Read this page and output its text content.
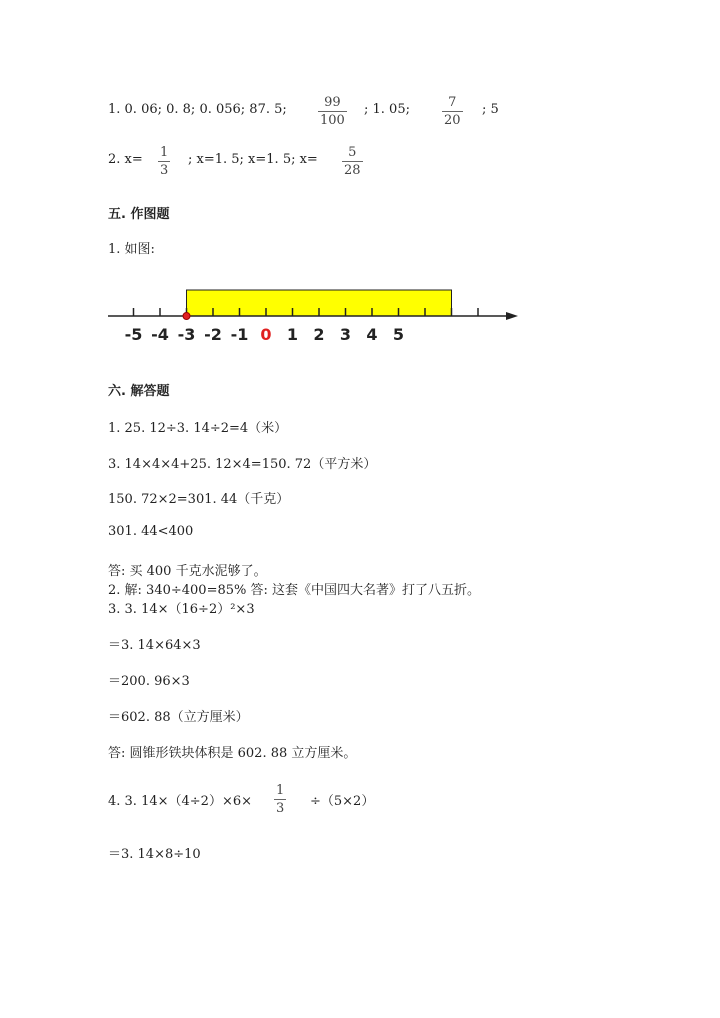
1. 0. 06; 0. 8; 0. 056; 87. 5;	99
100
; 1. 05;	7
20
; 5
2. x= 1
3
; x=1. 5; x=1. 5; x= 5
28
五. 作图题
1. 如图:
-5 -4 -3 -2 -1 0 1 2 3 4 5
六. 解答题
1. 25. 12÷3. 14÷2=4（米）
3. 14×4×4+25. 12×4=150. 72（平方米）
150. 72×2=301. 44（千克）
301. 44<400
答: 买 400 千克水泥够了。
2. 解: 340÷400=85% 答: 这套《中国四大名著》打了八五折。
3. 3. 14×（16÷2）²×3
＝3. 14×64×3
＝200. 96×3
＝602. 88（立方厘米）
答: 圆锥形铁块体积是 602. 88 立方厘米。
4. 3. 14×（4÷2）×6×
1
3 ÷（5×2）
＝3. 14×8÷10
